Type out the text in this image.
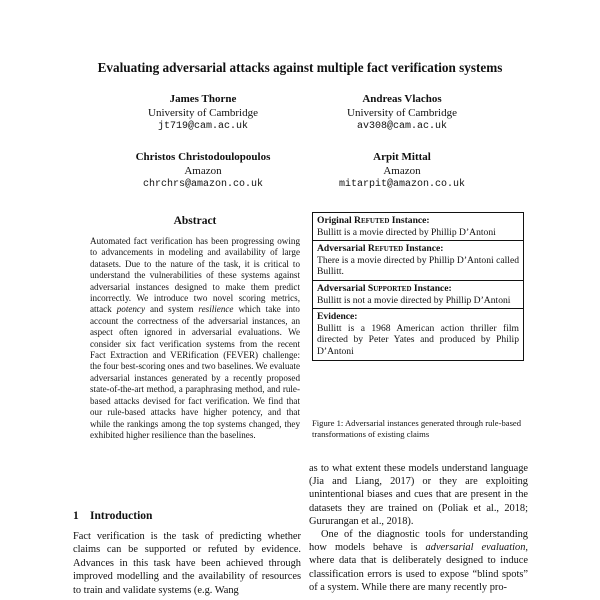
Evaluating adversarial attacks against multiple fact verification systems
James Thorne
University of Cambridge
jt719@cam.ac.uk
Andreas Vlachos
University of Cambridge
av308@cam.ac.uk
Christos Christodoulopoulos
Amazon
chrchrs@amazon.co.uk
Arpit Mittal
Amazon
mitarpit@amazon.co.uk
Abstract
Automated fact verification has been progressing owing to advancements in modeling and availability of large datasets. Due to the nature of the task, it is critical to understand the vulnerabilities of these systems against adversarial instances designed to make them predict incorrectly. We introduce two novel scoring metrics, attack potency and system resilience which take into account the correctness of the adversarial instances, an aspect often ignored in adversarial evaluations. We consider six fact verification systems from the recent Fact Extraction and VERification (FEVER) challenge: the four best-scoring ones and two baselines. We evaluate adversarial instances generated by a recently proposed state-of-the-art method, a paraphrasing method, and rule-based attacks devised for fact verification. We find that our rule-based attacks have higher potency, and that while the rankings among the top systems changed, they exhibited higher resilience than the baselines.
1 Introduction
Fact verification is the task of predicting whether claims can be supported or refuted by evidence. Advances in this task have been achieved through improved modelling and the availability of resources to train and validate systems (e.g. Wang
Original Refuted Instance:
Bullitt is a movie directed by Phillip D’Antoni
Adversarial Refuted Instance:
There is a movie directed by Phillip D’Antoni called Bullitt.
Adversarial Supported Instance:
Bullitt is not a movie directed by Phillip D’Antoni
Evidence:
Bullitt is a 1968 American action thriller film directed by Peter Yates and produced by Philip D’Antoni
Figure 1: Adversarial instances generated through rule-based transformations of existing claims

as to what extent these models understand language (Jia and Liang, 2017) or they are exploiting unintentional biases and cues that are present in the datasets they are trained on (Poliak et al., 2018; Gururangan et al., 2018).

One of the diagnostic tools for understanding how models behave is adversarial evaluation, where data that is deliberately designed to induce classification errors is used to expose “blind spots” of a system. While there are many recently pro-
